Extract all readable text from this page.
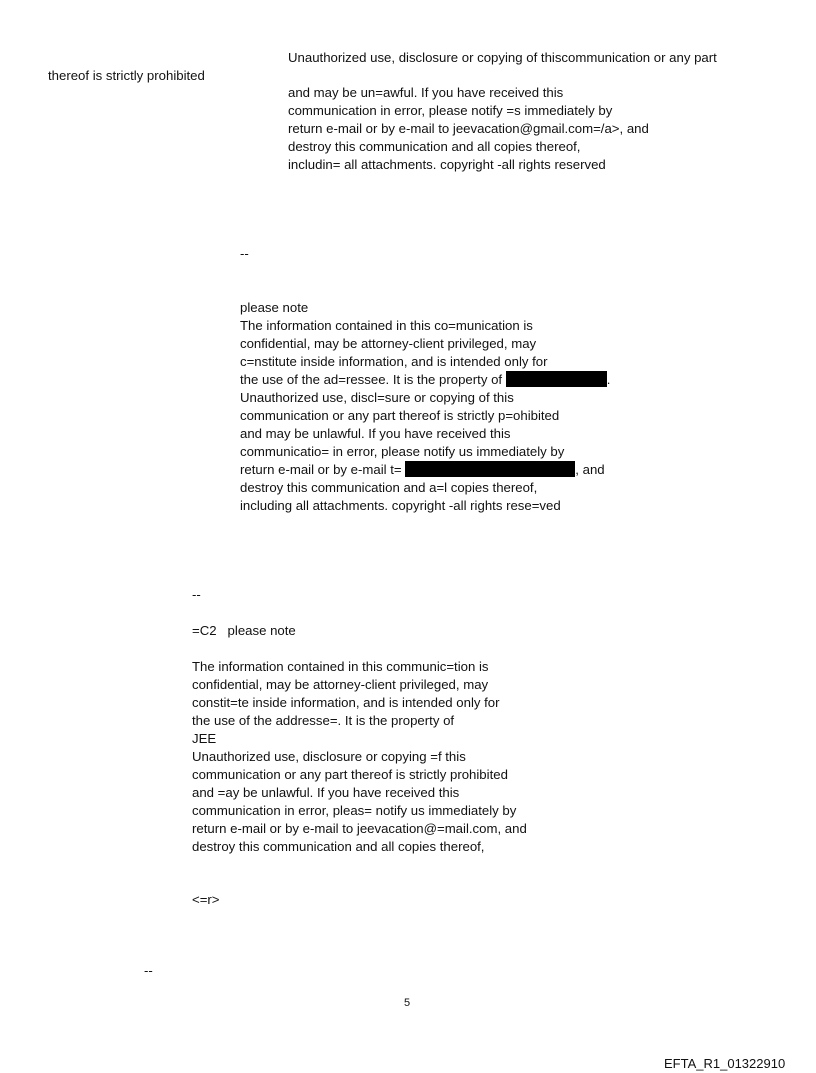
Unauthorized use, disclosure or copying of thiscommunication or any part
thereof is strictly prohibited
and may be un=awful. If you have received this
communication in error, please notify =s immediately by
return e-mail or by e-mail to jeevacation@gmail.com=/a>, and
destroy this communication and all copies thereof,
includin= all attachments. copyright -all rights reserved
--
please note
The information contained in this co=munication is
confidential, may be attorney-client privileged, may
c=nstitute inside information, and is intended only for
the use of the ad=ressee. It is the property of	.
Unauthorized use, discl=sure or copying of this
communication or any part thereof is strictly p=ohibited
and may be unlawful. If you have received this
communicatio= in error, please notify us immediately by
return e-mail or by e-mail t=	, and
destroy this communication and a=l copies thereof,
including all attachments. copyright -all rights rese=ved
--
=C2   please note
The information contained in this communic=tion is
confidential, may be attorney-client privileged, may
constit=te inside information, and is intended only for
the use of the addresse=. It is the property of
JEE
Unauthorized use, disclosure or copying =f this
communication or any part thereof is strictly prohibited
and =ay be unlawful. If you have received this
communication in error, pleas= notify us immediately by
return e-mail or by e-mail to jeevacation@=mail.com, and
destroy this communication and all copies thereof,
<=r>
--
5
EFTA_R1_01322910
